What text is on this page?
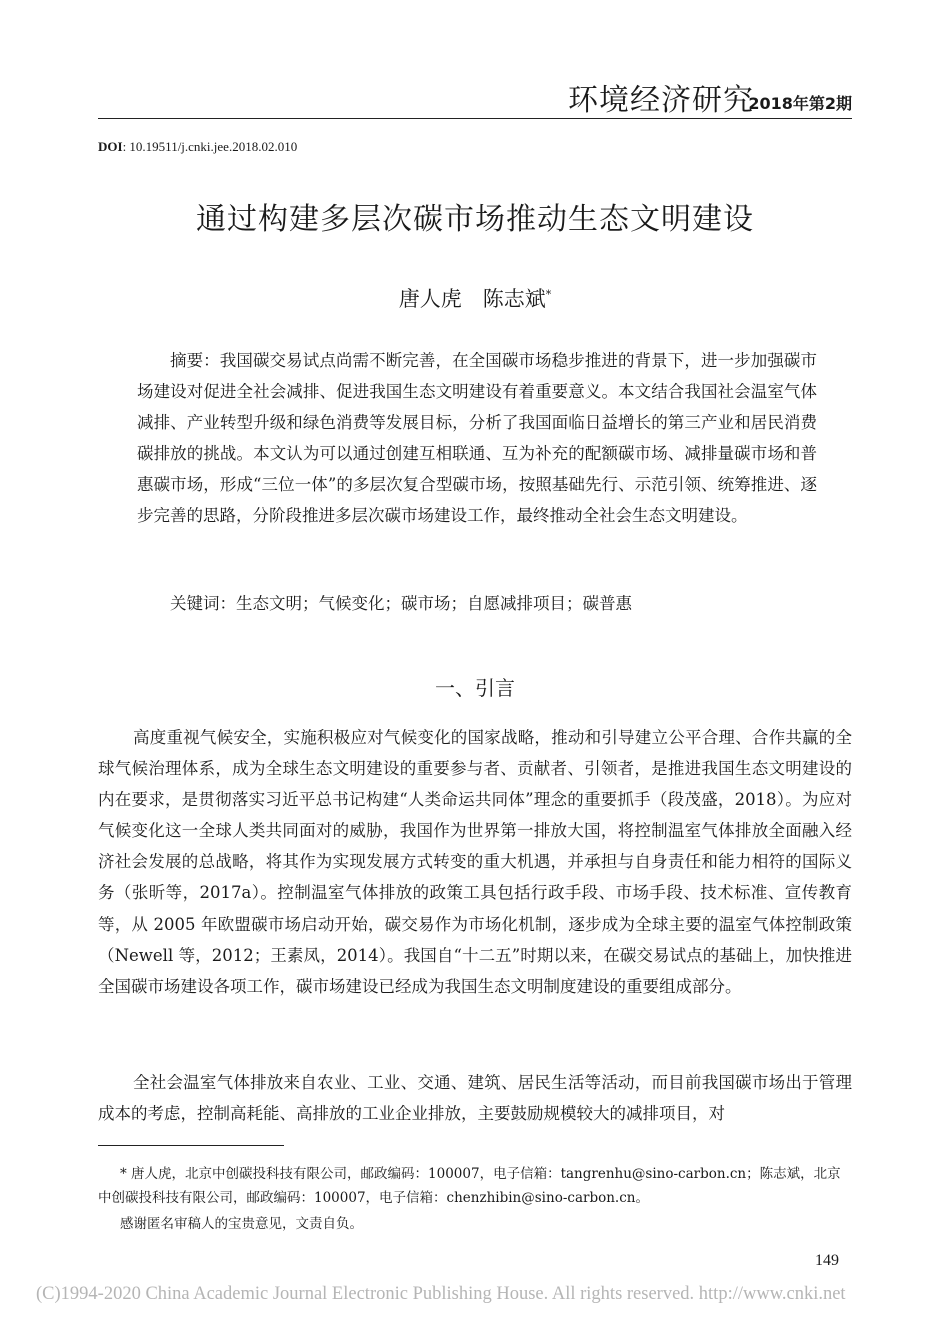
环境经济研究
2018年第2期
DOI: 10.19511/j.cnki.jee.2018.02.010
通过构建多层次碳市场推动生态文明建设
唐人虎　陈志斌*

摘要：我国碳交易试点尚需不断完善，在全国碳市场稳步推进的背景下，进一步加强碳市场建设对促进全社会减排、促进我国生态文明建设有着重要意义。本文结合我国社会温室气体减排、产业转型升级和绿色消费等发展目标，分析了我国面临日益增长的第三产业和居民消费碳排放的挑战。本文认为可以通过创建互相联通、互为补充的配额碳市场、减排量碳市场和普惠碳市场，形成“三位一体”的多层次复合型碳市场，按照基础先行、示范引领、统筹推进、逐步完善的思路，分阶段推进多层次碳市场建设工作，最终推动全社会生态文明建设。

关键词：生态文明；气候变化；碳市场；自愿减排项目；碳普惠

一、引言

高度重视气候安全，实施积极应对气候变化的国家战略，推动和引导建立公平合理、合作共赢的全球气候治理体系，成为全球生态文明建设的重要参与者、贡献者、引领者，是推进我国生态文明建设的内在要求，是贯彻落实习近平总书记构建“人类命运共同体”理念的重要抓手（段茂盛，2018）。为应对气候变化这一全球人类共同面对的威胁，我国作为世界第一排放大国，将控制温室气体排放全面融入经济社会发展的总战略，将其作为实现发展方式转变的重大机遇，并承担与自身责任和能力相符的国际义务（张昕等，2017a）。控制温室气体排放的政策工具包括行政手段、市场手段、技术标准、宣传教育等，从 2005 年欧盟碳市场启动开始，碳交易作为市场化机制，逐步成为全球主要的温室气体控制政策（Newell 等，2012；王素凤，2014）。我国自“十二五”时期以来，在碳交易试点的基础上，加快推进全国碳市场建设各项工作，碳市场建设已经成为我国生态文明制度建设的重要组成部分。

全社会温室气体排放来自农业、工业、交通、建筑、居民生活等活动，而目前我国碳市场出于管理成本的考虑，控制高耗能、高排放的工业企业排放，主要鼓励规模较大的减排项目，对

* 唐人虎，北京中创碳投科技有限公司，邮政编码：100007，电子信箱：tangrenhu@sino-carbon.cn；陈志斌，北京中创碳投科技有限公司，邮政编码：100007，电子信箱：chenzhibin@sino-carbon.cn。

感谢匿名审稿人的宝贵意见，文责自负。

149
(C)1994-2020 China Academic Journal Electronic Publishing House. All rights reserved. http://www.cnki.net
